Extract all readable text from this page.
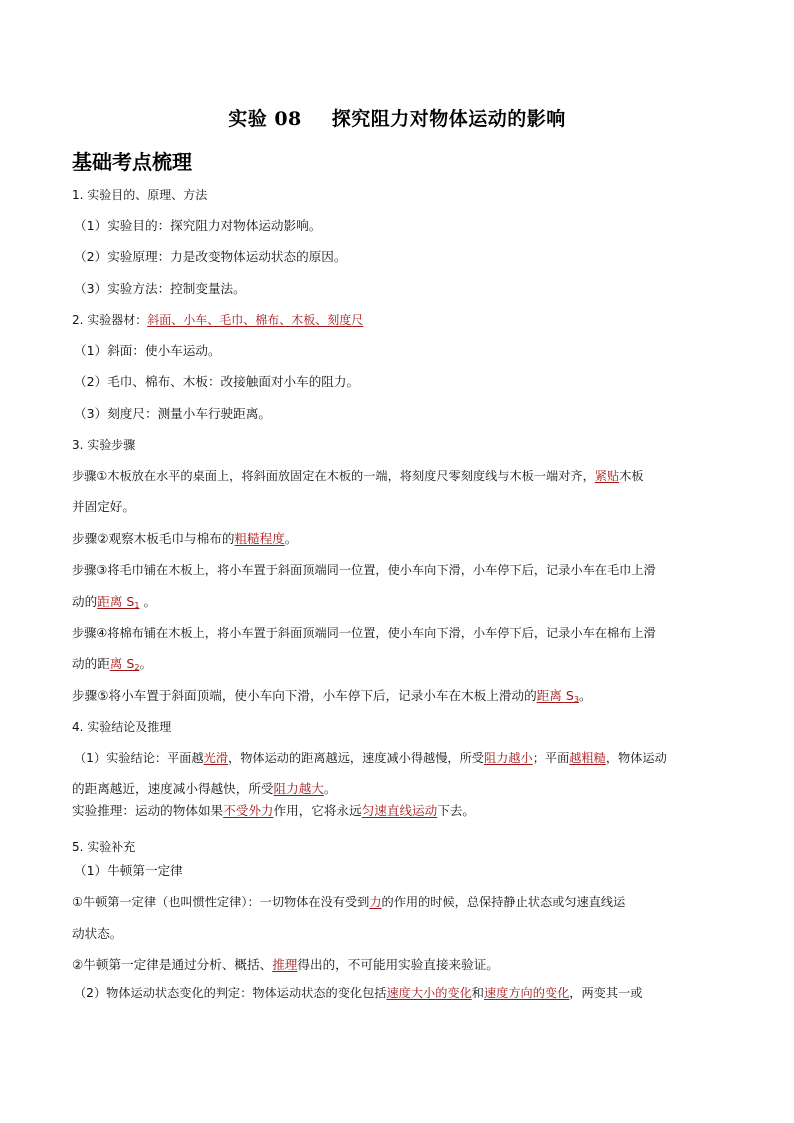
实验 08 探究阻力对物体运动的影响
基础考点梳理
1. 实验目的、原理、方法
（1）实验目的：探究阻力对物体运动影响。
（2）实验原理：力是改变物体运动状态的原因。
（3）实验方法：控制变量法。
2. 实验器材：斜面、小车、毛巾、棉布、木板、刻度尺
（1）斜面：使小车运动。
（2）毛巾、棉布、木板：改接触面对小车的阻力。
（3）刻度尺：测量小车行驶距离。
3. 实验步骤
步骤①木板放在水平的桌面上，将斜面放固定在木板的一端，将刻度尺零刻度线与木板一端对齐，紧贴木板
并固定好。
步骤②观察木板毛巾与棉布的粗糙程度。
步骤③将毛巾铺在木板上，将小车置于斜面顶端同一位置，使小车向下滑，小车停下后，记录小车在毛巾上滑
动的距离 $S_1$ 。
步骤④将棉布铺在木板上，将小车置于斜面顶端同一位置，使小车向下滑，小车停下后，记录小车在棉布上滑
动的距离 $S_2$。
步骤⑤将小车置于斜面顶端，使小车向下滑，小车停下后，记录小车在木板上滑动的距离 $S_3$。
4. 实验结论及推理
（1）实验结论：平面越光滑，物体运动的距离越远，速度减小得越慢，所受阻力越小；平面越粗糙，物体运动
的距离越近，速度减小得越快，所受阻力越大。
实验推理：运动的物体如果不受外力作用，它将永远匀速直线运动下去。
5. 实验补充
（1）牛顿第一定律
①牛顿第一定律（也叫惯性定律）：一切物体在没有受到力的作用的时候，总保持静止状态或匀速直线运
动状态。
②牛顿第一定律是通过分析、概括、推理得出的，不可能用实验直接来验证。
（2）物体运动状态变化的判定：物体运动状态的变化包括速度大小的变化和速度方向的变化，两变其一或
